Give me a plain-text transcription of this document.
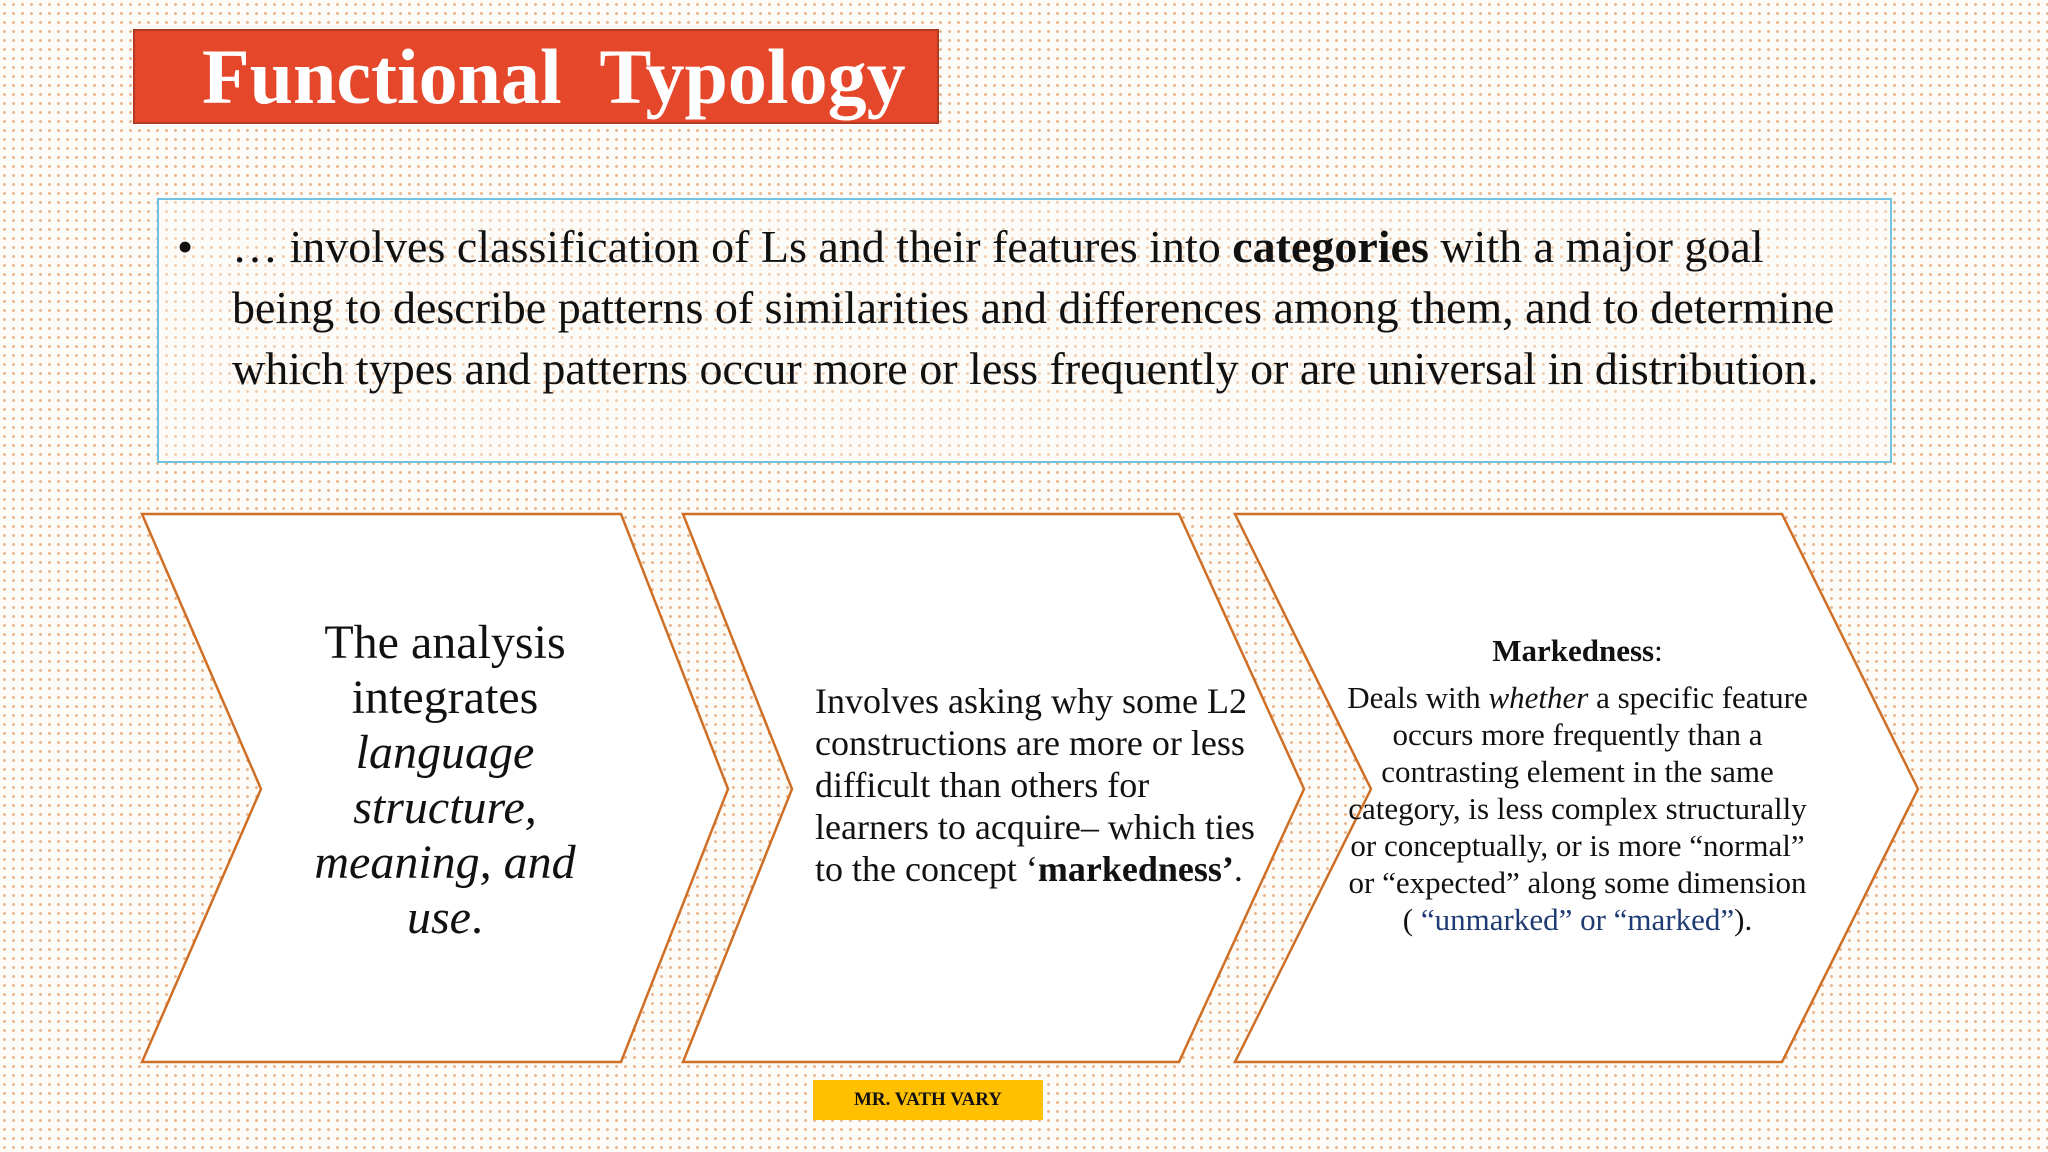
Functional  Typology
• … involves classification of Ls and their features into categories with a major goal being to describe patterns of similarities and differences among them, and to determine which types and patterns occur more or less frequently or are universal in distribution.
The analysis
integrates
language
structure,
meaning, and
use.
Involves asking why some L2 constructions are more or less difficult than others for learners to acquire– which ties to the concept ‘markedness’.
Markedness:
Deals with whether a specific feature occurs more frequently than a contrasting element in the same category, is less complex structurally or conceptually, or is more “normal” or “expected” along some dimension ( “unmarked” or “marked”).
MR. VATH VARY
